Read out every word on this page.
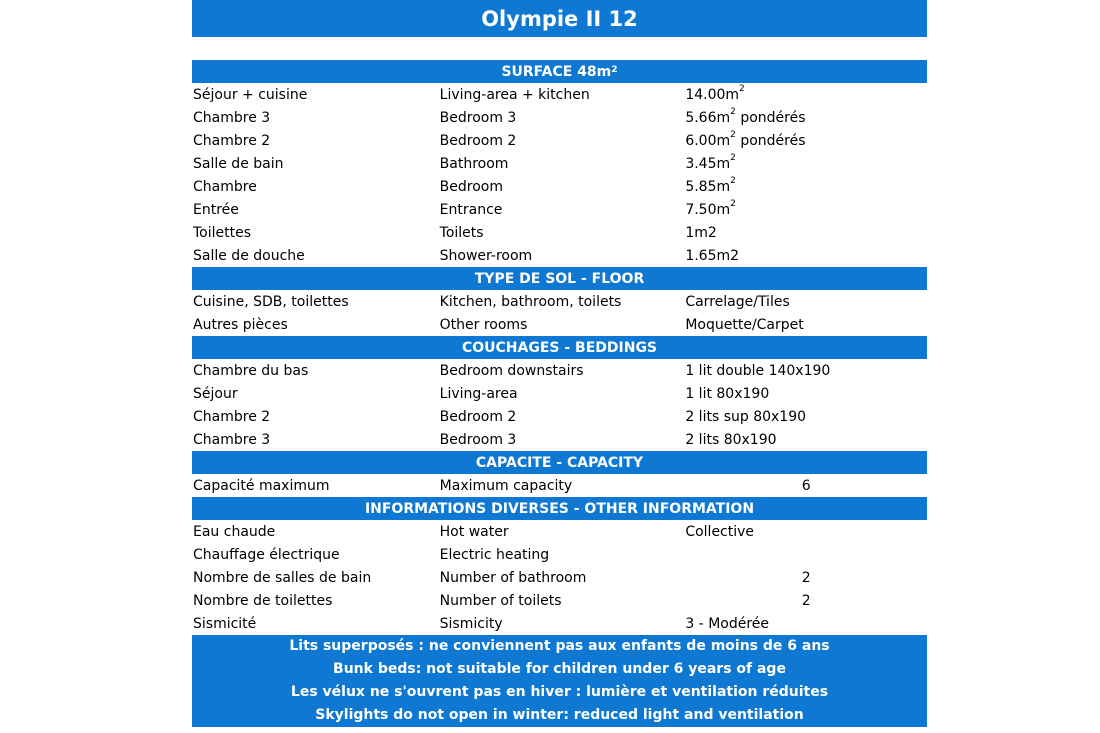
Olympie II 12
SURFACE $48m^2$
Séjour + cuisine	Living-area + kitchen	$14.00m^2$
Chambre 3	Bedroom 3	$5.66m^2$ pondérés
Chambre 2	Bedroom 2	$6.00m^2$ pondérés
Salle de bain	Bathroom	$3.45m^2$
Chambre	Bedroom	$5.85m^2$
Entrée	Entrance	$7.50m^2$
Toilettes	Toilets	1m2
Salle de douche	Shower-room	1.65m2
TYPE DE SOL - FLOOR
Cuisine, SDB, toilettes	Kitchen, bathroom, toilets	Carrelage/Tiles
Autres pièces	Other rooms	Moquette/Carpet
COUCHAGES - BEDDINGS
Chambre du bas	Bedroom downstairs	1 lit double 140x190
Séjour	Living-area	1 lit 80x190
Chambre 2	Bedroom 2	2 lits sup 80x190
Chambre 3	Bedroom 3	2 lits 80x190
CAPACITE - CAPACITY
Capacité maximum	Maximum capacity	6
INFORMATIONS DIVERSES - OTHER INFORMATION
Eau chaude	Hot water	Collective
Chauffage électrique	Electric heating
Nombre de salles de bain	Number of bathroom	2
Nombre de toilettes	Number of toilets	2
Sismicité	Sismicity	3 - Modérée
Lits superposés : ne conviennent pas aux enfants de moins de 6 ans
Bunk beds: not suitable for children under 6 years of age
Les vélux ne s'ouvrent pas en hiver : lumière et ventilation réduites
Skylights do not open in winter: reduced light and ventilation
